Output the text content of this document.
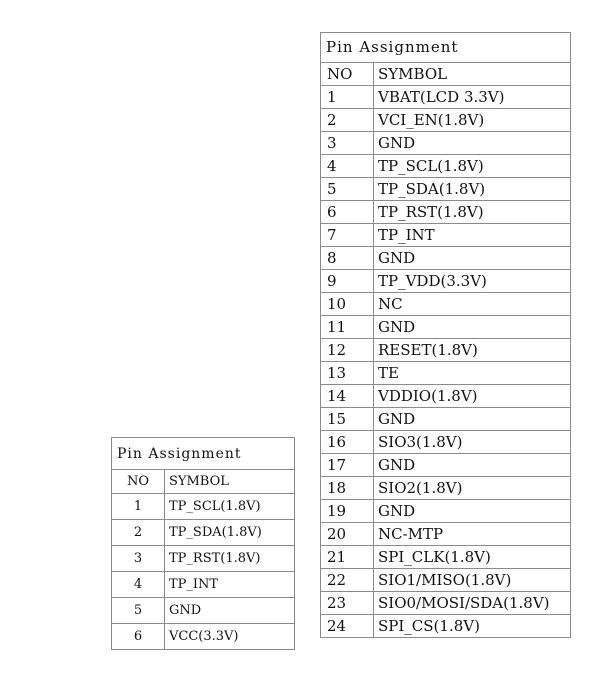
Pin Assignment	
NO	SYMBOL
1	TP_SCL(1.8V)
2	TP_SDA(1.8V)
3	TP_RST(1.8V)
4	TP_INT
5	GND
6	VCC(3.3V)
Pin Assignment	
NO	SYMBOL
1	VBAT(LCD 3.3V)
2	VCI_EN(1.8V)
3	GND
4	TP_SCL(1.8V)
5	TP_SDA(1.8V)
6	TP_RST(1.8V)
7	TP_INT
8	GND
9	TP_VDD(3.3V)
10	NC
11	GND
12	RESET(1.8V)
13	TE
14	VDDIO(1.8V)
15	GND
16	SIO3(1.8V)
17	GND
18	SIO2(1.8V)
19	GND
20	NC-MTP
21	SPI_CLK(1.8V)
22	SIO1/MISO(1.8V)
23	SIO0/MOSI/SDA(1.8V)
24	SPI_CS(1.8V)
